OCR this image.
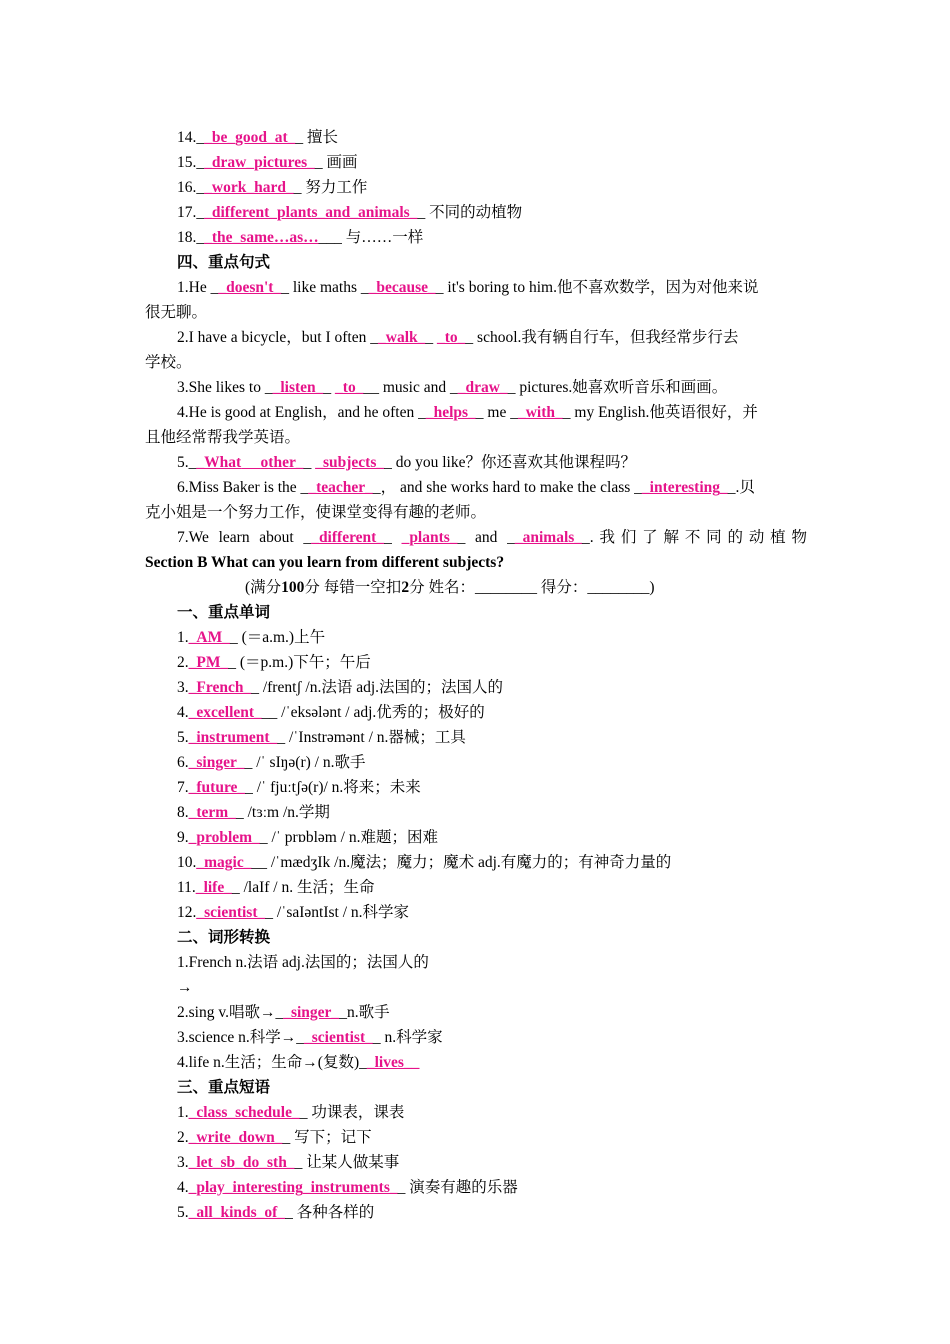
14.__be_good_at__ 擅长
15.__draw_pictures__ 画画
16.__work_hard__ 努力工作
17.__different_plants_and_animals__ 不同的动植物
18.__the_same…as…___ 与……一样
四、重点句式
1.He __doesn't__ like maths __because__ it's boring to him.他不喜欢数学，因为对他来说
很无聊。
2.I have a bicycle，but I often __walk__ _to__ school.我有辆自行车，但我经常步行去
学校。
3.She likes to __listen__ _to___ music and __draw__ pictures.她喜欢听音乐和画画。
4.He is good at English，and he often __helps__ me __with__ my English.他英语很好，并
且他经常帮我学英语。
5.__What other__ _subjects__ do you like？你还喜欢其他课程吗？
6.Miss Baker is the __teacher__， and she works hard to make the class __interesting__.贝
克小姐是一个努力工作，使课堂变得有趣的老师。
7.We learn about __different__ _plants__ and __animals__.我们了解不同的动植物
Section B What can you learn from different subjects?
(满分100分 每错一空扣2分 姓名：________ 得分：________)
一、重点单词
1._AM__ (＝a.m.)上午
2._PM__ (＝p.m.)下午；午后
3._French__ /frentʃ /n.法语 adj.法国的；法国人的
4._excellent___ /ˈeksələnt / adj.优秀的；极好的
5._instrument__ /ˈInstrəmənt / n.器械；工具
6._singer__ /ˈ sIŋə(r) / n.歌手
7._future__ /ˈ fjuːtʃə(r)/ n.将来；未来
8._term__ /tɜːm /n.学期
9._problem__ /ˈ prɒbləm / n.难题；困难
10._magic___ /ˈmædʒIk /n.魔法；魔力；魔术 adj.有魔力的；有神奇力量的
11._life__ /laIf / n. 生活；生命
12._scientist__ /ˈsaIəntIst / n.科学家
二、词形转换
1.French n.法语 adj.法国的；法国人的
→
2.sing v.唱歌→__singer__n.歌手
3.science n.科学→__scientist__ n.科学家
4.life n.生活；生命→(复数)__lives__
三、重点短语
1._class_schedule__ 功课表，课表
2._write_down__ 写下；记下
3._let_sb_do_sth__ 让某人做某事
4._play_interesting_instruments__ 演奏有趣的乐器
5._all_kinds_of__ 各种各样的
